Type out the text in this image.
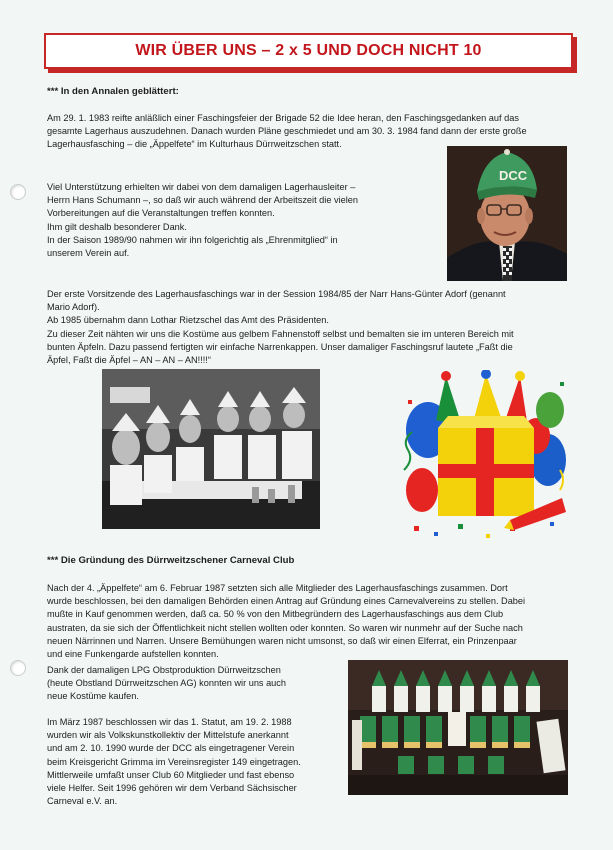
WIR ÜBER UNS – 2 x 5 UND DOCH NICHT 10
*** In den Annalen geblättert:

Am 29. 1. 1983 reifte anläßlich einer Faschingsfeier der Brigade 52 die Idee heran, den Faschingsgedanken auf das
gesamte Lagerhaus auszudehnen. Danach wurden Pläne geschmiedet und am 30. 3. 1984 fand dann der erste große
Lagerhausfasching – die „Äppelfete“ im Kulturhaus Dürrweitzschen statt.

DCC

Viel Unterstützung erhielten wir dabei von dem damaligen Lagerhausleiter –
Herrn Hans Schumann –, so daß wir auch während der Arbeitszeit die vielen
Vorbereitungen auf die Veranstaltungen treffen konnten.
Ihm gilt deshalb besonderer Dank.
In der Saison 1989/90 nahmen wir ihn folgerichtig als „Ehrenmitglied“ in
unserem Verein auf.

Der erste Vorsitzende des Lagerhausfaschings war in der Session 1984/85 der Narr Hans-Günter Adorf (genannt
Mario Adorf).
Ab 1985 übernahm dann Lothar Rietzschel das Amt des Präsidenten.
Zu dieser Zeit nähten wir uns die Kostüme aus gelbem Fahnenstoff selbst und bemalten sie im unteren Bereich mit
bunten Äpfeln. Dazu passend fertigten wir einfache Narrenkappen. Unser damaliger Faschingsruf lautete „Faßt die
Äpfel, Faßt die Äpfel – AN – AN – AN!!!!“

*** Die Gründung des Dürrweitzschener Carneval Club

Nach der 4. „Äppelfete“ am 6. Februar 1987 setzten sich alle Mitglieder des Lagerhausfaschings zusammen. Dort
wurde beschlossen, bei den damaligen Behörden einen Antrag auf Gründung eines Carnevalvereins zu stellen. Dabei
mußte in Kauf genommen werden, daß ca. 50 % von den Mitbegründern des Lagerhausfaschings aus dem Club
austraten, da sie sich der Öffentlichkeit nicht stellen wollten oder konnten. So waren wir nunmehr auf der Suche nach
neuen Närrinnen und Narren. Unsere Bemühungen waren nicht umsonst, so daß wir einen Elferrat, ein Prinzenpaar
und eine Funkengarde aufstellen konnten.

Dank der damaligen LPG Obstproduktion Dürrweitzschen
(heute Obstland Dürrweitzschen AG) konnten wir uns auch
neue Kostüme kaufen.

Im März 1987 beschlossen wir das 1. Statut, am 19. 2. 1988
wurden wir als Volkskunstkollektiv der Mittelstufe anerkannt
und am 2. 10. 1990 wurde der DCC als eingetragener Verein
beim Kreisgericht Grimma im Vereinsregister 149 eingetragen.
Mittlerweile umfaßt unser Club 60 Mitglieder und fast ebenso
viele Helfer. Seit 1996 gehören wir dem Verband Sächsischer
Carneval e.V. an.
